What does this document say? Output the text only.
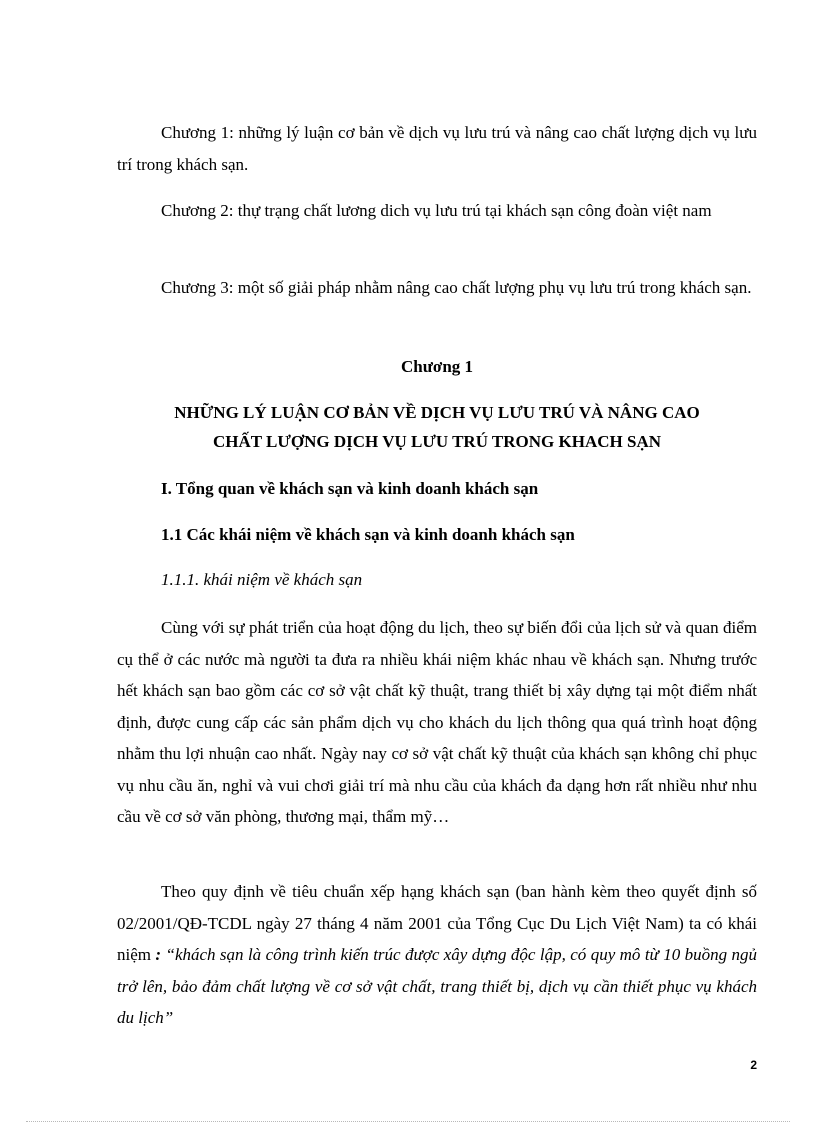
Chương 1: những lý luận cơ bản về dịch vụ lưu trú và nâng cao chất lượng dịch vụ lưu trí trong khách sạn.

Chương 2: thự trạng chất lương dich vụ lưu trú tại khách sạn công đoàn việt nam

Chương 3: một số giải pháp nhằm nâng cao chất lượng phụ vụ lưu trú trong khách sạn.

Chương 1
NHỮNG LÝ LUẬN CƠ BẢN VỀ DỊCH VỤ LƯU TRÚ VÀ NÂNG CAO
CHẤT LƯỢNG DỊCH VỤ LƯU TRÚ TRONG KHACH SẠN
I. Tổng quan về khách sạn và kinh doanh khách sạn
1.1 Các khái niệm về khách sạn và kinh doanh khách sạn
1.1.1. khái niệm về khách sạn

Cùng với sự phát triển của hoạt động du lịch, theo sự biến đổi của lịch sử và quan điểm cụ thể ở các nước mà người ta đưa ra nhiều khái niệm khác nhau về khách sạn. Nhưng trước hết khách sạn bao gồm các cơ sở vật chất kỹ thuật, trang thiết bị xây dựng tại một điểm nhất định, được cung cấp các sản phẩm dịch vụ cho khách du lịch thông qua quá trình hoạt động nhằm thu lợi nhuận cao nhất. Ngày nay cơ sở vật chất kỹ thuật của khách sạn không chỉ phục vụ nhu cầu ăn, nghỉ và vui chơi giải trí mà nhu cầu của khách đa dạng hơn rất nhiều như nhu cầu về cơ sở văn phòng, thương mại, thẩm mỹ…

Theo quy định về tiêu chuẩn xếp hạng khách sạn (ban hành kèm theo quyết định số 02/2001/QĐ-TCDL ngày 27 tháng 4 năm 2001 của Tổng Cục Du Lịch Việt Nam) ta có khái niệm : “khách sạn là công trình kiến trúc được xây dựng độc lập, có quy mô từ 10 buồng ngủ trở lên, bảo đảm chất lượng về cơ sở vật chất, trang thiết bị, dịch vụ cần thiết phục vụ khách du lịch”

2
